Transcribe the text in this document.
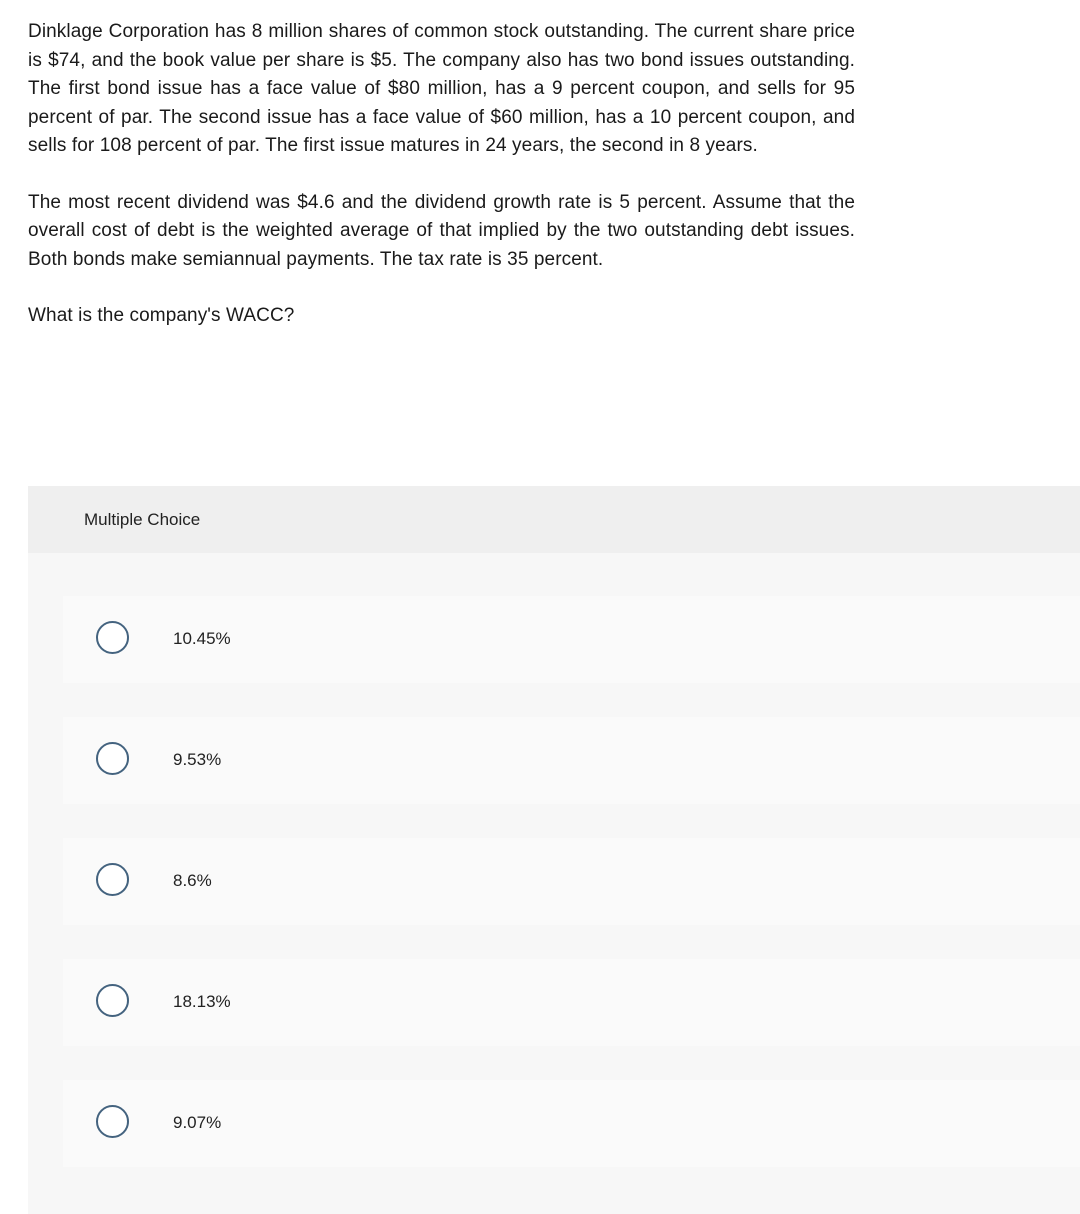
Dinklage Corporation has 8 million shares of common stock outstanding. The current share price is $74, and the book value per share is $5. The company also has two bond issues outstanding. The first bond issue has a face value of $80 million, has a 9 percent coupon, and sells for 95 percent of par. The second issue has a face value of $60 million, has a 10 percent coupon, and sells for 108 percent of par. The first issue matures in 24 years, the second in 8 years.

The most recent dividend was $4.6 and the dividend growth rate is 5 percent. Assume that the overall cost of debt is the weighted average of that implied by the two outstanding debt issues. Both bonds make semiannual payments. The tax rate is 35 percent.

What is the company's WACC?

Multiple Choice
10.45%
9.53%
8.6%
18.13%
9.07%
